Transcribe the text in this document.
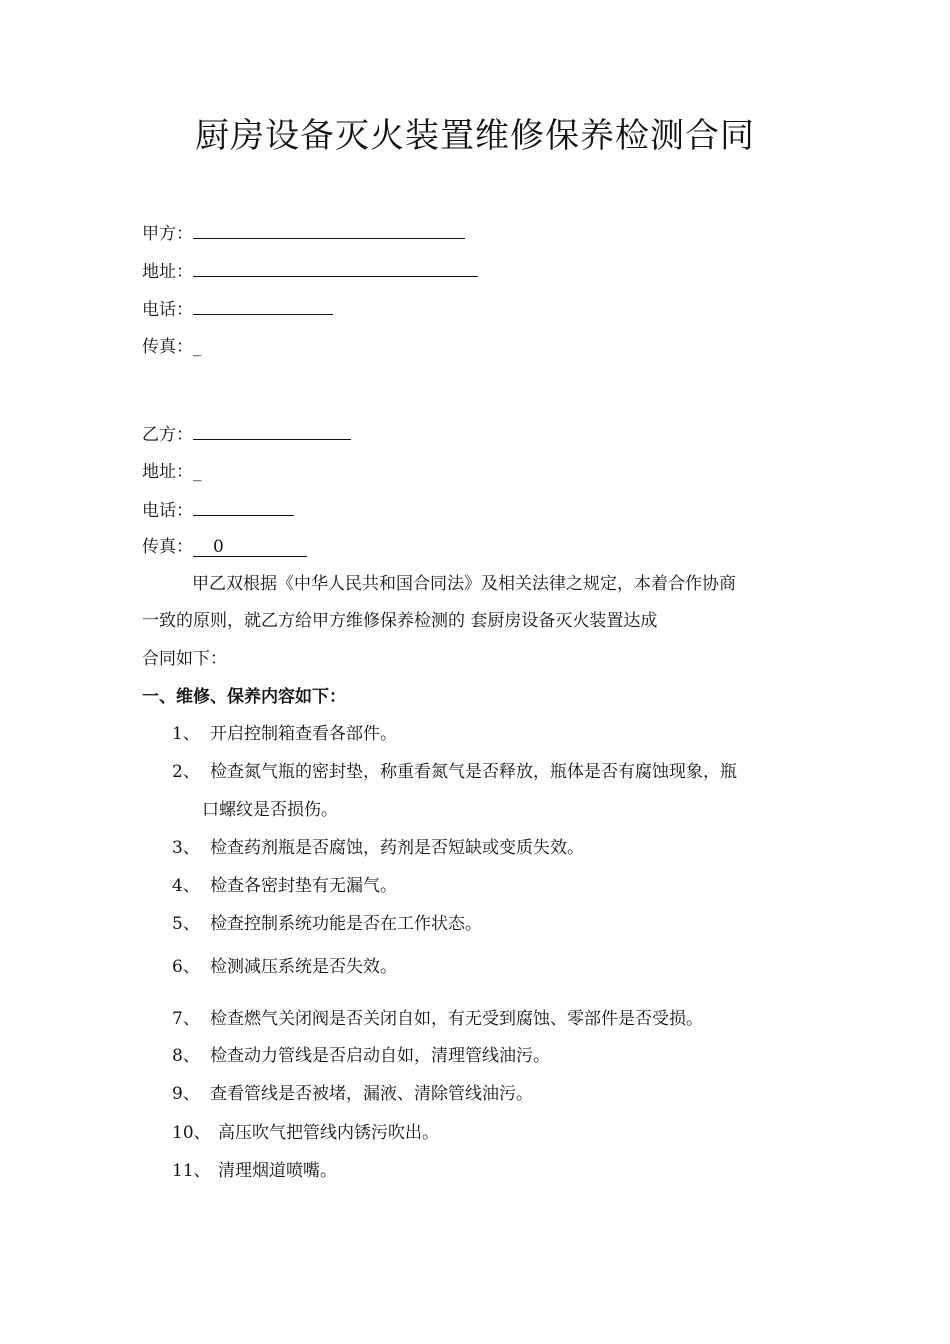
厨房设备灭火装置维修保养检测合同
甲方：
地址：
电话：
传真：_
乙方：
地址：_
电话：
传真： 0
甲乙双根据《中华人民共和国合同法》及相关法律之规定，本着合作协商
一致的原则，就乙方给甲方维修保养检测的 套厨房设备灭火装置达成
合同如下：
一、维修、保养内容如下：
1、 开启控制箱查看各部件。
2、 检查氮气瓶的密封垫，称重看氮气是否释放，瓶体是否有腐蚀现象，瓶
口螺纹是否损伤。
3、 检查药剂瓶是否腐蚀，药剂是否短缺或变质失效。
4、 检查各密封垫有无漏气。
5、 检查控制系统功能是否在工作状态。
6、 检测减压系统是否失效。
7、 检查燃气关闭阀是否关闭自如，有无受到腐蚀、零部件是否受损。
8、 检查动力管线是否启动自如，清理管线油污。
9、 查看管线是否被堵，漏液、清除管线油污。
10、 高压吹气把管线内锈污吹出。
11、 清理烟道喷嘴。
